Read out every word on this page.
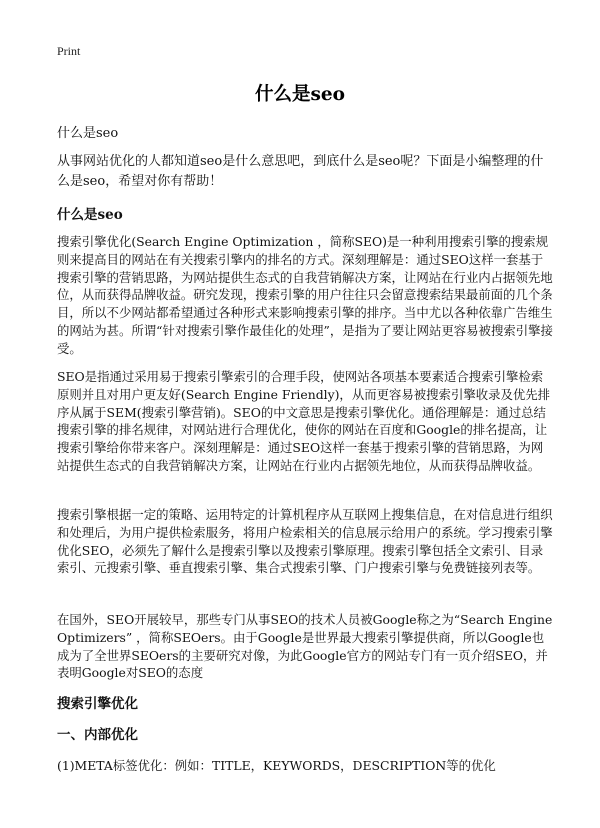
Print
什么是seo
什么是seo

从事网站优化的人都知道seo是什么意思吧，到底什么是seo呢？下面是小编整理的什么是seo，希望对你有帮助！

什么是seo

搜索引擎优化(Search Engine Optimization ，简称SEO)是一种利用搜索引擎的搜索规则来提高目的网站在有关搜索引擎内的排名的方式。深刻理解是：通过SEO这样一套基于搜索引擎的营销思路，为网站提供生态式的自我营销解决方案，让网站在行业内占据领先地位，从而获得品牌收益。研究发现，搜索引擎的用户往往只会留意搜索结果最前面的几个条目，所以不少网站都希望通过各种形式来影响搜索引擎的排序。当中尤以各种依靠广告维生的网站为甚。所谓“针对搜索引擎作最佳化的处理”，是指为了要让网站更容易被搜索引擎接受。

SEO是指通过采用易于搜索引擎索引的合理手段，使网站各项基本要素适合搜索引擎检索原则并且对用户更友好(Search Engine Friendly)，从而更容易被搜索引擎收录及优先排序从属于SEM(搜索引擎营销)。SEO的中文意思是搜索引擎优化。通俗理解是：通过总结搜索引擎的排名规律，对网站进行合理优化，使你的网站在百度和Google的排名提高，让搜索引擎给你带来客户。深刻理解是：通过SEO这样一套基于搜索引擎的营销思路，为网站提供生态式的自我营销解决方案，让网站在行业内占据领先地位，从而获得品牌收益。

搜索引擎根据一定的策略、运用特定的计算机程序从互联网上搜集信息，在对信息进行组织和处理后，为用户提供检索服务，将用户检索相关的信息展示给用户的系统。学习搜索引擎优化SEO，必须先了解什么是搜索引擎以及搜索引擎原理。搜索引擎包括全文索引、目录索引、元搜索引擎、垂直搜索引擎、集合式搜索引擎、门户搜索引擎与免费链接列表等。

在国外，SEO开展较早，那些专门从事SEO的技术人员被Google称之为“Search Engine Optimizers” ，简称SEOers。由于Google是世界最大搜索引擎提供商，所以Google也成为了全世界SEOers的主要研究对像，为此Google官方的网站专门有一页介绍SEO，并表明Google对SEO的态度

搜索引擎优化
一、内部优化
(1)META标签优化：例如：TITLE，KEYWORDS，DESCRIPTION等的优化
